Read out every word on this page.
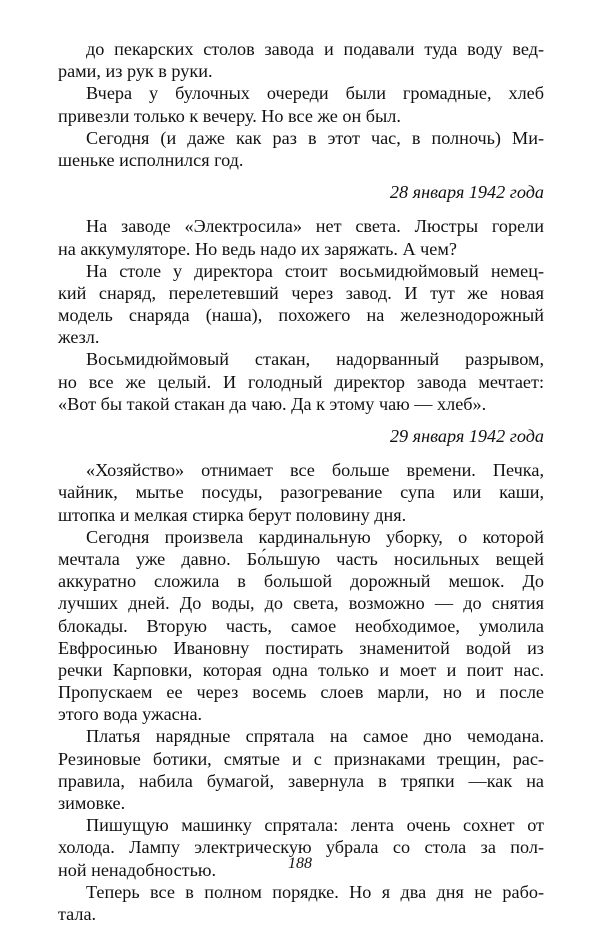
до пекарских столов завода и подавали туда воду вед-
рами, из рук в руки.
Вчера у булочных очереди были громадные, хлеб
привезли только к вечеру. Но все же он был.
Сегодня (и даже как раз в этот час, в полночь) Ми-
шеньке исполнился год.
28 января 1942 года
На заводе «Электросила» нет света. Люстры горели
на аккумуляторе. Но ведь надо их заряжать. А чем?
На столе у директора стоит восьмидюймовый немец-
кий снаряд, перелетевший через завод. И тут же новая
модель снаряда (наша), похожего на железнодорожный
жезл.
Восьмидюймовый стакан, надорванный разрывом,
но все же целый. И голодный директор завода мечтает:
«Вот бы такой стакан да чаю. Да к этому чаю — хлеб».
29 января 1942 года
«Хозяйство» отнимает все больше времени. Печка,
чайник, мытье посуды, разогревание супа или каши,
штопка и мелкая стирка берут половину дня.
Сегодня произвела кардинальную уборку, о которой
мечтала уже давно. Бо́льшую часть носильных вещей
аккуратно сложила в большой дорожный мешок. До
лучших дней. До воды, до света, возможно — до снятия
блокады. Вторую часть, самое необходимое, умолила
Евфросинью Ивановну постирать знаменитой водой из
речки Карповки, которая одна только и моет и поит нас.
Пропускаем ее через восемь слоев марли, но и после
этого вода ужасна.
Платья нарядные спрятала на самое дно чемодана.
Резиновые ботики, смятые и с признаками трещин, рас-
правила, набила бумагой, завернула в тряпки —как на
зимовке.
Пишущую машинку спрятала: лента очень сохнет от
холода. Лампу электрическую убрала со стола за пол-
ной ненадобностью.
Теперь все в полном порядке. Но я два дня не рабо-
тала.
188
